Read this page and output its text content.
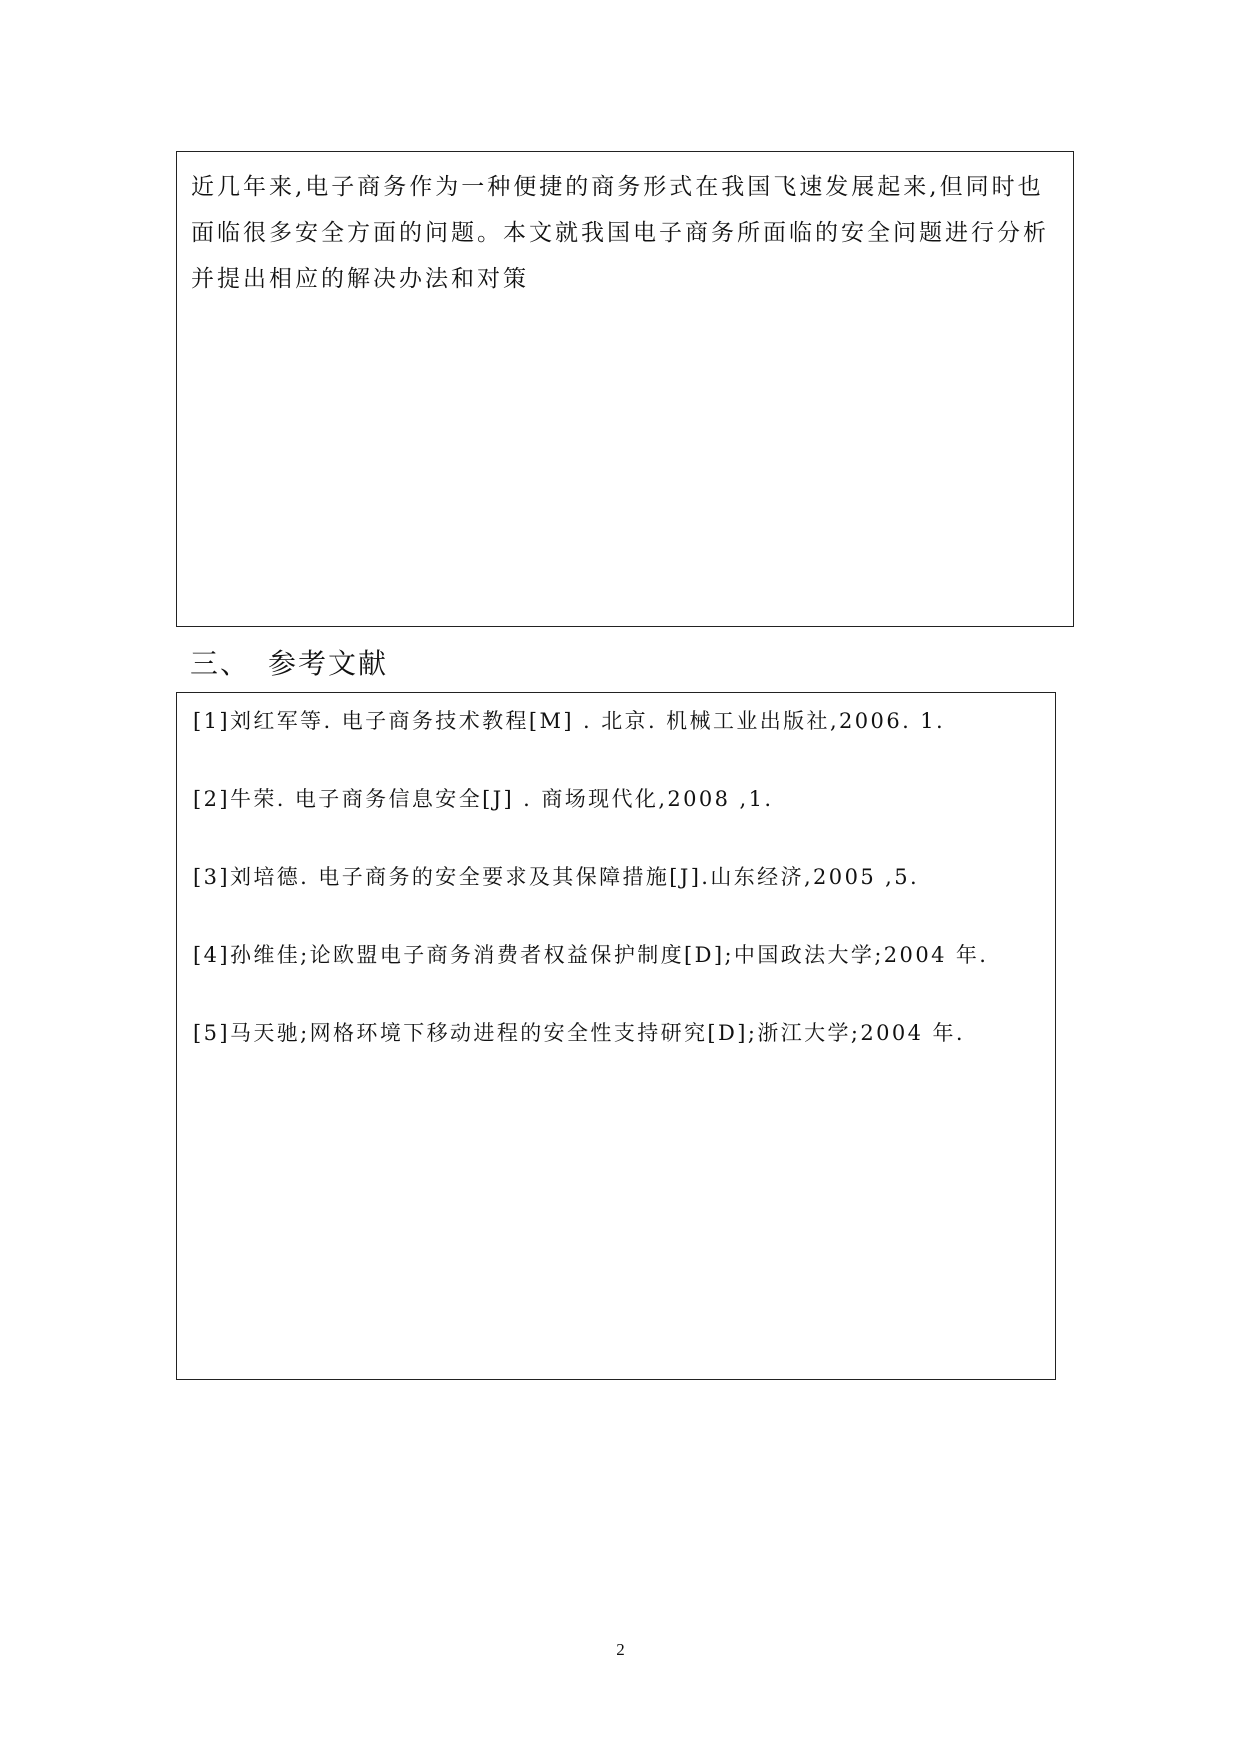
近几年来,电子商务作为一种便捷的商务形式在我国飞速发展起来,但同时也面临很多安全方面的问题。本文就我国电子商务所面临的安全问题进行分析并提出相应的解决办法和对策

三、 参考文献
[1]刘红军等. 电子商务技术教程[M] . 北京. 机械工业出版社,2006. 1.
[2]牛荣. 电子商务信息安全[J] . 商场现代化,2008 ,1.
[3]刘培德. 电子商务的安全要求及其保障措施[J].山东经济,2005 ,5.
[4]孙维佳;论欧盟电子商务消费者权益保护制度[D];中国政法大学;2004 年.
[5]马天驰;网格环境下移动进程的安全性支持研究[D];浙江大学;2004 年.

2
